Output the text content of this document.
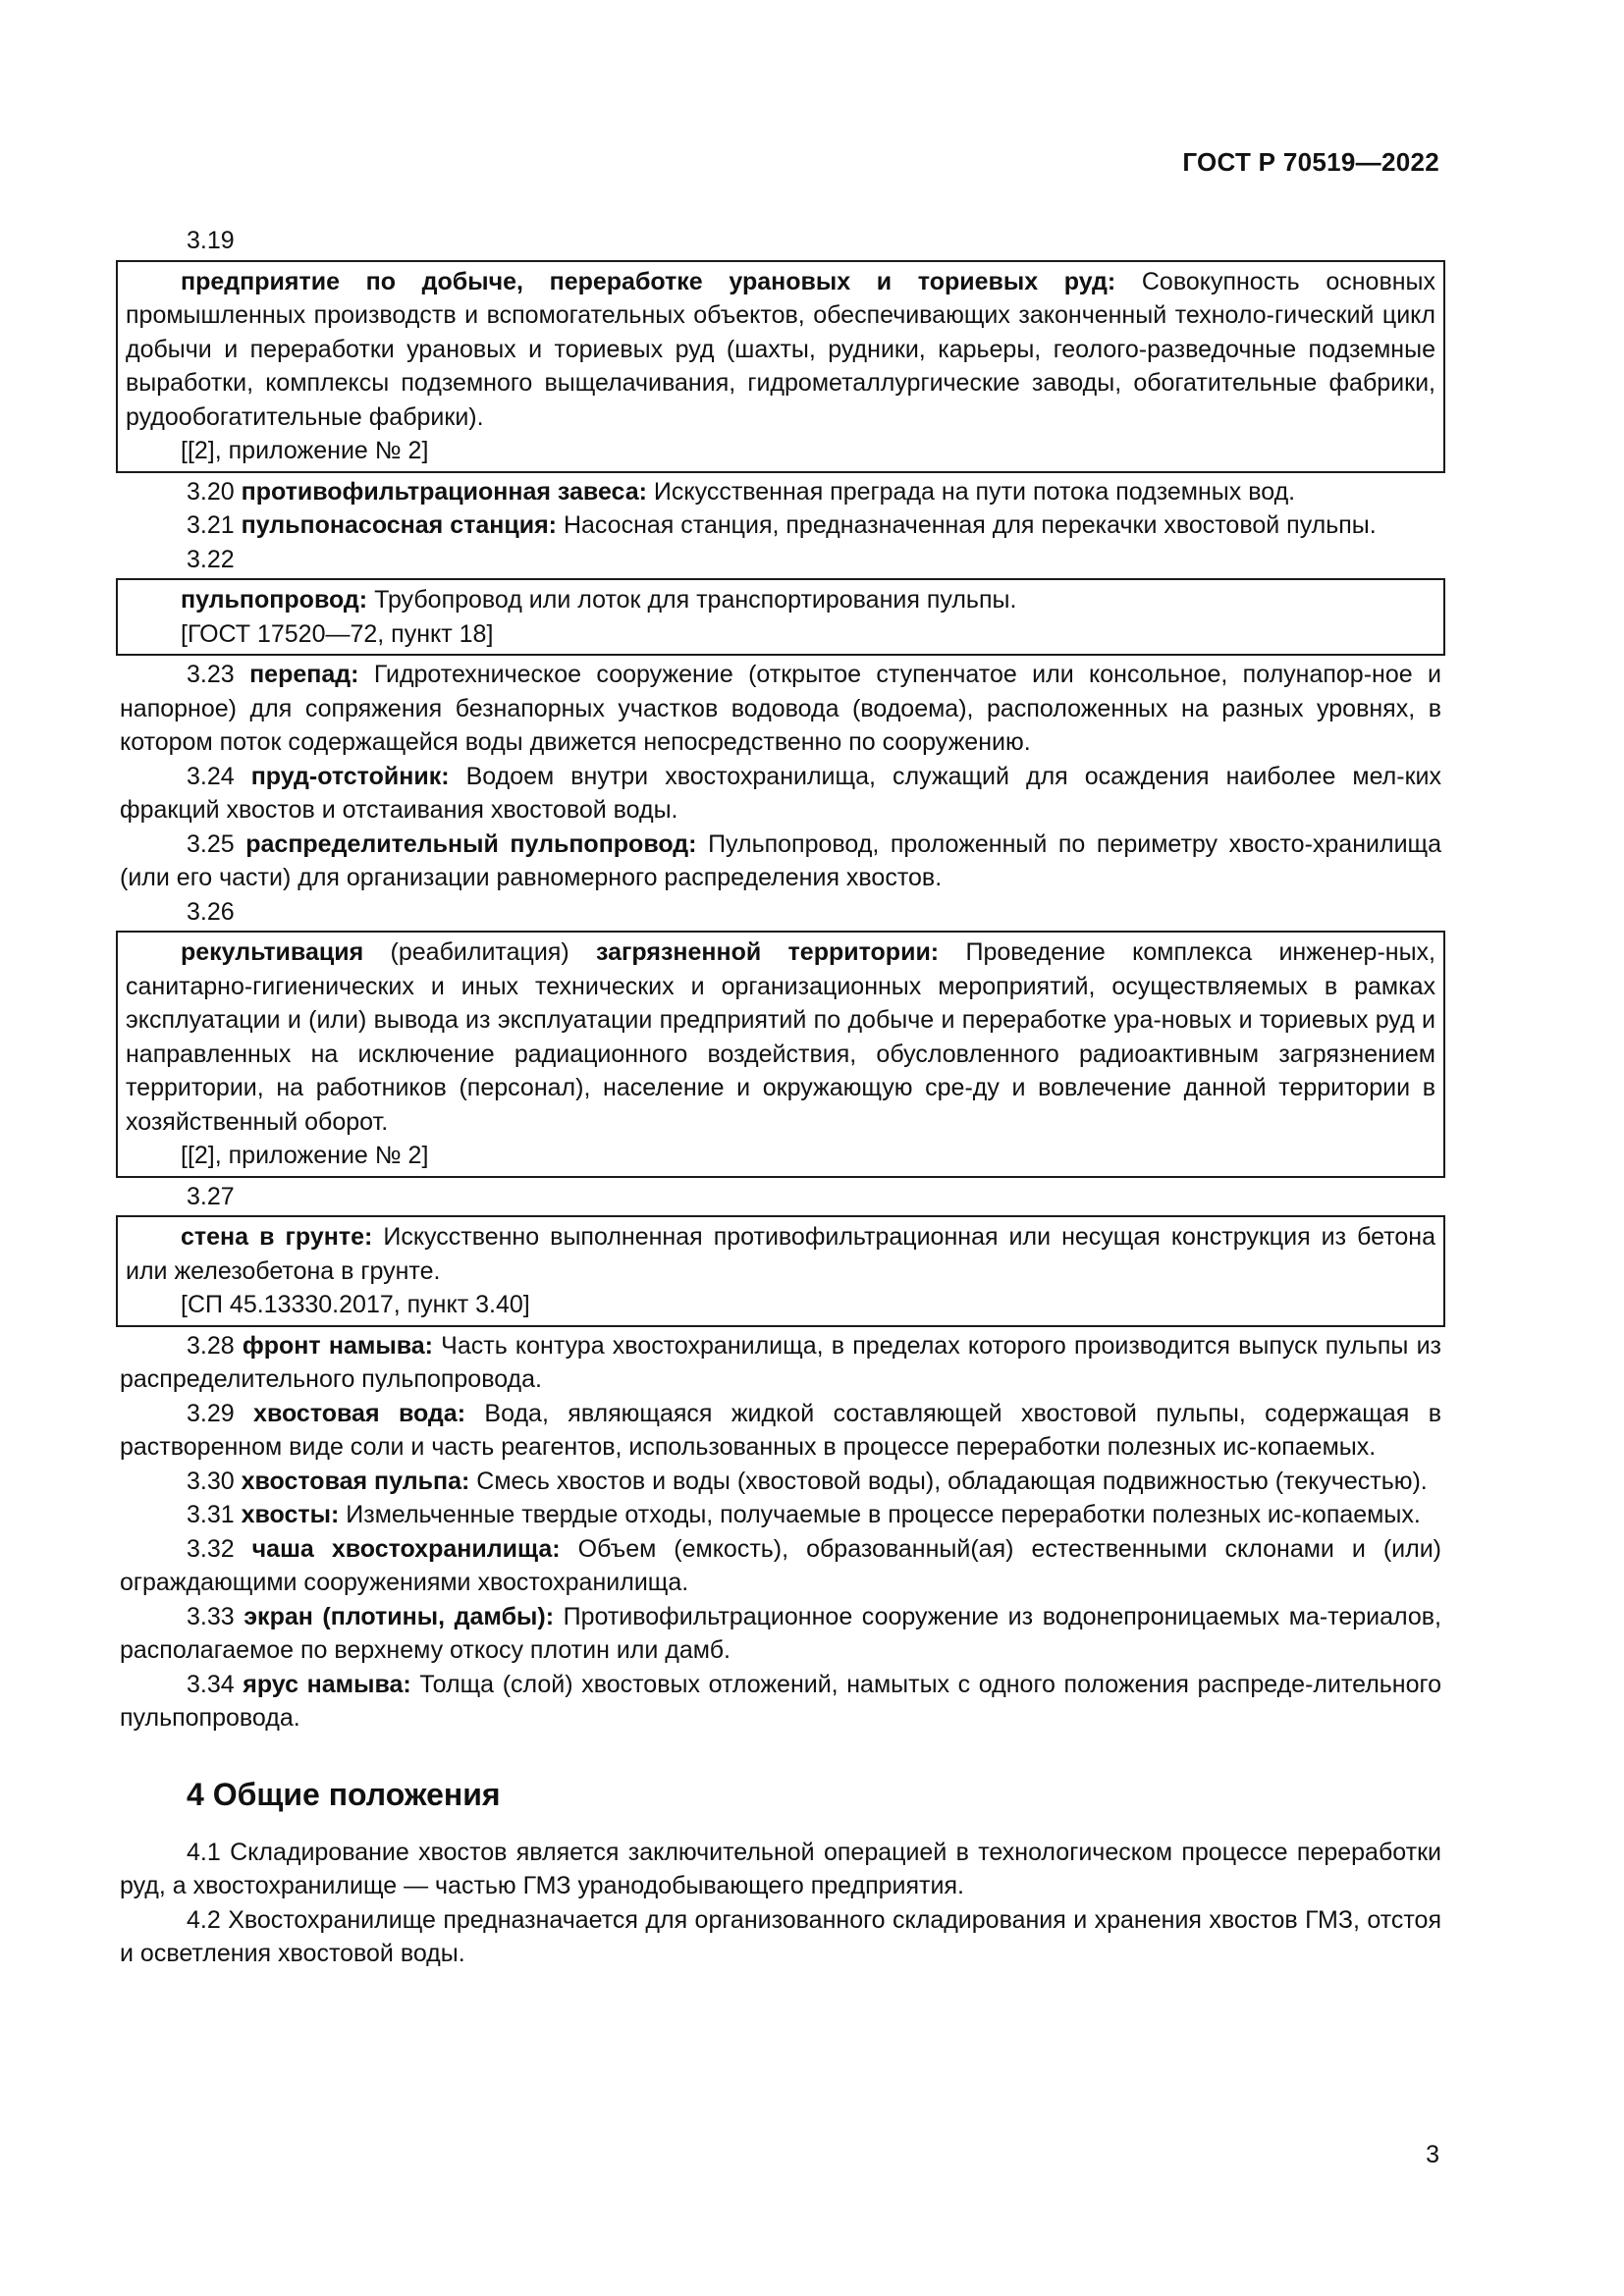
ГОСТ Р 70519—2022
3.19

предприятие по добыче, переработке урановых и ториевых руд: Совокупность основных промышленных производств и вспомогательных объектов, обеспечивающих законченный техноло-гический цикл добычи и переработки урановых и ториевых руд (шахты, рудники, карьеры, геолого-разведочные подземные выработки, комплексы подземного выщелачивания, гидрометаллургические заводы, обогатительные фабрики, рудообогатительные фабрики).

[[2], приложение № 2]

3.20 противофильтрационная завеса: Искусственная преграда на пути потока подземных вод.

3.21 пульпонасосная станция: Насосная станция, предназначенная для перекачки хвостовой пульпы.

3.22

пульпопровод: Трубопровод или лоток для транспортирования пульпы.

[ГОСТ 17520—72, пункт 18]

3.23 перепад: Гидротехническое сооружение (открытое ступенчатое или консольное, полунапор-ное и напорное) для сопряжения безнапорных участков водовода (водоема), расположенных на разных уровнях, в котором поток содержащейся воды движется непосредственно по сооружению.

3.24 пруд-отстойник: Водоем внутри хвостохранилища, служащий для осаждения наиболее мел-ких фракций хвостов и отстаивания хвостовой воды.

3.25 распределительный пульпопровод: Пульпопровод, проложенный по периметру хвосто-хранилища (или его части) для организации равномерного распределения хвостов.

3.26

рекультивация (реабилитация) загрязненной территории: Проведение комплекса инженер-ных, санитарно-гигиенических и иных технических и организационных мероприятий, осуществляемых в рамках эксплуатации и (или) вывода из эксплуатации предприятий по добыче и переработке ура-новых и ториевых руд и направленных на исключение радиационного воздействия, обусловленного радиоактивным загрязнением территории, на работников (персонал), население и окружающую сре-ду и вовлечение данной территории в хозяйственный оборот.

[[2], приложение № 2]
3.27

стена в грунте: Искусственно выполненная противофильтрационная или несущая конструкция из бетона или железобетона в грунте.

[СП 45.13330.2017, пункт 3.40]

3.28 фронт намыва: Часть контура хвостохранилища, в пределах которого производится выпуск пульпы из распределительного пульпопровода.

3.29 хвостовая вода: Вода, являющаяся жидкой составляющей хвостовой пульпы, содержащая в растворенном виде соли и часть реагентов, использованных в процессе переработки полезных ис-копаемых.

3.30 хвостовая пульпа: Смесь хвостов и воды (хвостовой воды), обладающая подвижностью (текучестью).

3.31 хвосты: Измельченные твердые отходы, получаемые в процессе переработки полезных ис-копаемых.

3.32 чаша хвостохранилища: Объем (емкость), образованный(ая) естественными склонами и (или) ограждающими сооружениями хвостохранилища.

3.33 экран (плотины, дамбы): Противофильтрационное сооружение из водонепроницаемых ма-териалов, располагаемое по верхнему откосу плотин или дамб.

3.34 ярус намыва: Толща (слой) хвостовых отложений, намытых с одного положения распреде-лительного пульпопровода.

4 Общие положения

4.1 Складирование хвостов является заключительной операцией в технологическом процессе переработки руд, а хвостохранилище — частью ГМЗ уранодобывающего предприятия.

4.2 Хвостохранилище предназначается для организованного складирования и хранения хвостов ГМЗ, отстоя и осветления хвостовой воды.

3
